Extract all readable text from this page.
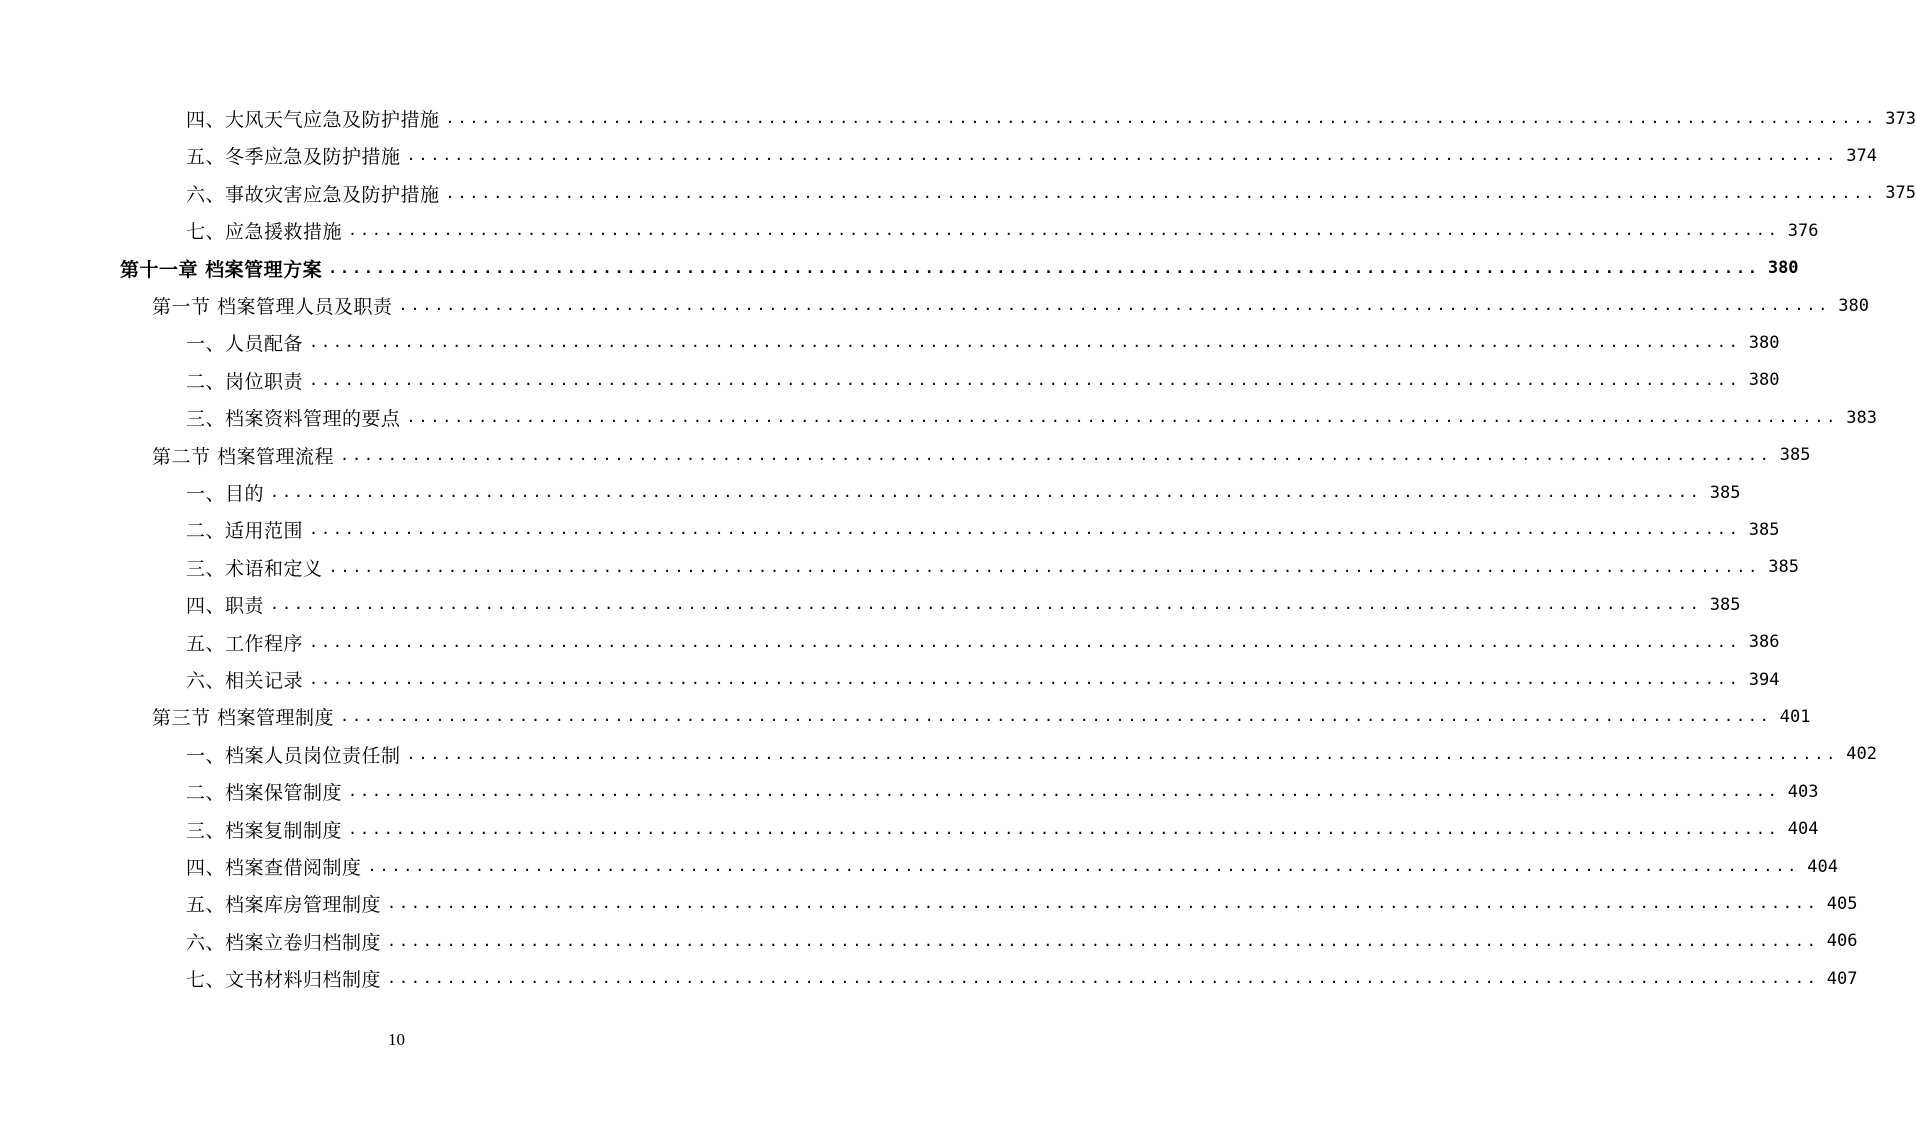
四、大风天气应急及防护措施 ........................................................................................................................ 373
五、冬季应急及防护措施 ........................................................................................................................ 374
六、事故灾害应急及防护措施 ........................................................................................................................ 375
七、应急援救措施 ........................................................................................................................ 376
第十一章 档案管理方案 ........................................................................................................................ 380
第一节 档案管理人员及职责 ........................................................................................................................ 380
一、人员配备 ........................................................................................................................ 380
二、岗位职责 ........................................................................................................................ 380
三、档案资料管理的要点 ........................................................................................................................ 383
第二节 档案管理流程 ........................................................................................................................ 385
一、目的 ........................................................................................................................ 385
二、适用范围 ........................................................................................................................ 385
三、术语和定义 ........................................................................................................................ 385
四、职责 ........................................................................................................................ 385
五、工作程序 ........................................................................................................................ 386
六、相关记录 ........................................................................................................................ 394
第三节 档案管理制度 ........................................................................................................................ 401
一、档案人员岗位责任制 ........................................................................................................................ 402
二、档案保管制度 ........................................................................................................................ 403
三、档案复制制度 ........................................................................................................................ 404
四、档案查借阅制度 ........................................................................................................................ 404
五、档案库房管理制度 ........................................................................................................................ 405
六、档案立卷归档制度 ........................................................................................................................ 406
七、文书材料归档制度 ........................................................................................................................ 407
10
